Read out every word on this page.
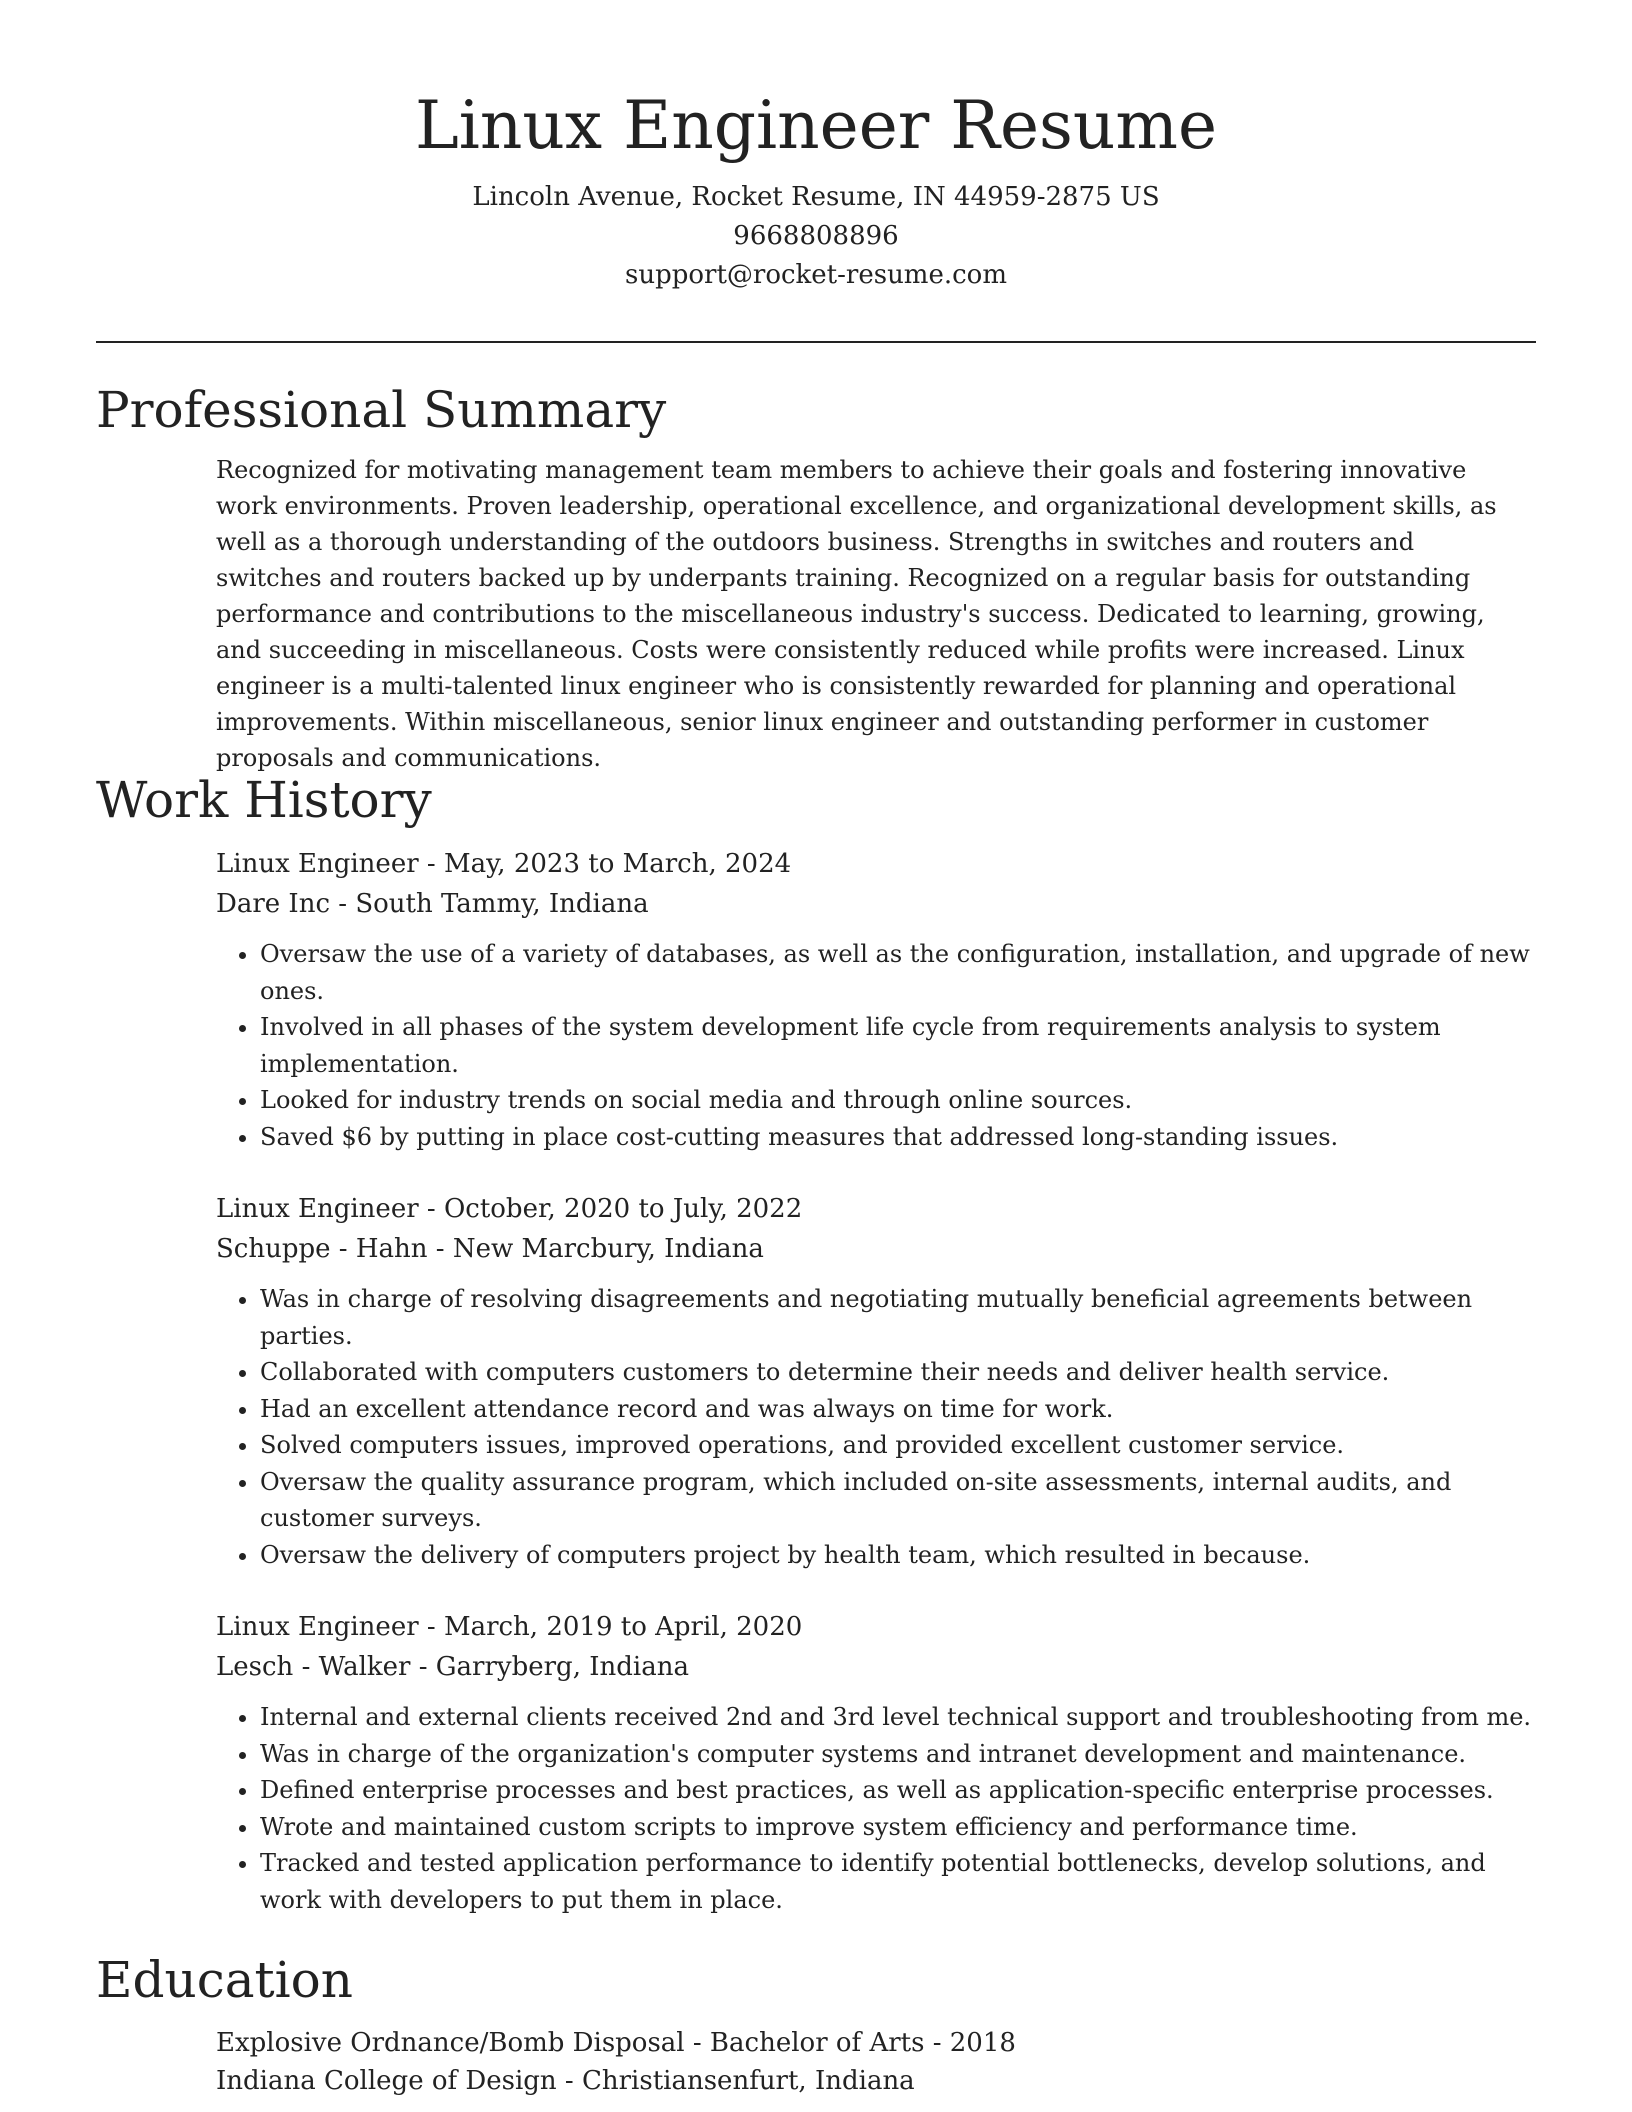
Linux Engineer Resume

Lincoln Avenue, Rocket Resume, IN 44959-2875 US

9668808896

support@rocket-resume.com

Professional Summary

Recognized for motivating management team members to achieve their goals and fostering innovative work environments. Proven leadership, operational excellence, and organizational development skills, as well as a thorough understanding of the outdoors business. Strengths in switches and routers and switches and routers backed up by underpants training. Recognized on a regular basis for outstanding performance and contributions to the miscellaneous industry's success. Dedicated to learning, growing, and succeeding in miscellaneous. Costs were consistently reduced while profits were increased. Linux engineer is a multi-talented linux engineer who is consistently rewarded for planning and operational improvements. Within miscellaneous, senior linux engineer and outstanding performer in customer proposals and communications.

Work History

Linux Engineer - May, 2023 to March, 2024

Dare Inc - South Tammy, Indiana

• Oversaw the use of a variety of databases, as well as the configuration, installation, and upgrade of new ones.
• Involved in all phases of the system development life cycle from requirements analysis to system implementation.
• Looked for industry trends on social media and through online sources.
• Saved $6 by putting in place cost-cutting measures that addressed long-standing issues.

Linux Engineer - October, 2020 to July, 2022

Schuppe - Hahn - New Marcbury, Indiana

• Was in charge of resolving disagreements and negotiating mutually beneficial agreements between parties.
• Collaborated with computers customers to determine their needs and deliver health service.
• Had an excellent attendance record and was always on time for work.
• Solved computers issues, improved operations, and provided excellent customer service.
• Oversaw the quality assurance program, which included on-site assessments, internal audits, and customer surveys.
• Oversaw the delivery of computers project by health team, which resulted in because.

Linux Engineer - March, 2019 to April, 2020

Lesch - Walker - Garryberg, Indiana

• Internal and external clients received 2nd and 3rd level technical support and troubleshooting from me.
• Was in charge of the organization's computer systems and intranet development and maintenance.
• Defined enterprise processes and best practices, as well as application-specific enterprise processes.
• Wrote and maintained custom scripts to improve system efficiency and performance time.
• Tracked and tested application performance to identify potential bottlenecks, develop solutions, and work with developers to put them in place.
Education

Explosive Ordnance/Bomb Disposal - Bachelor of Arts - 2018

Indiana College of Design - Christiansenfurt, Indiana
